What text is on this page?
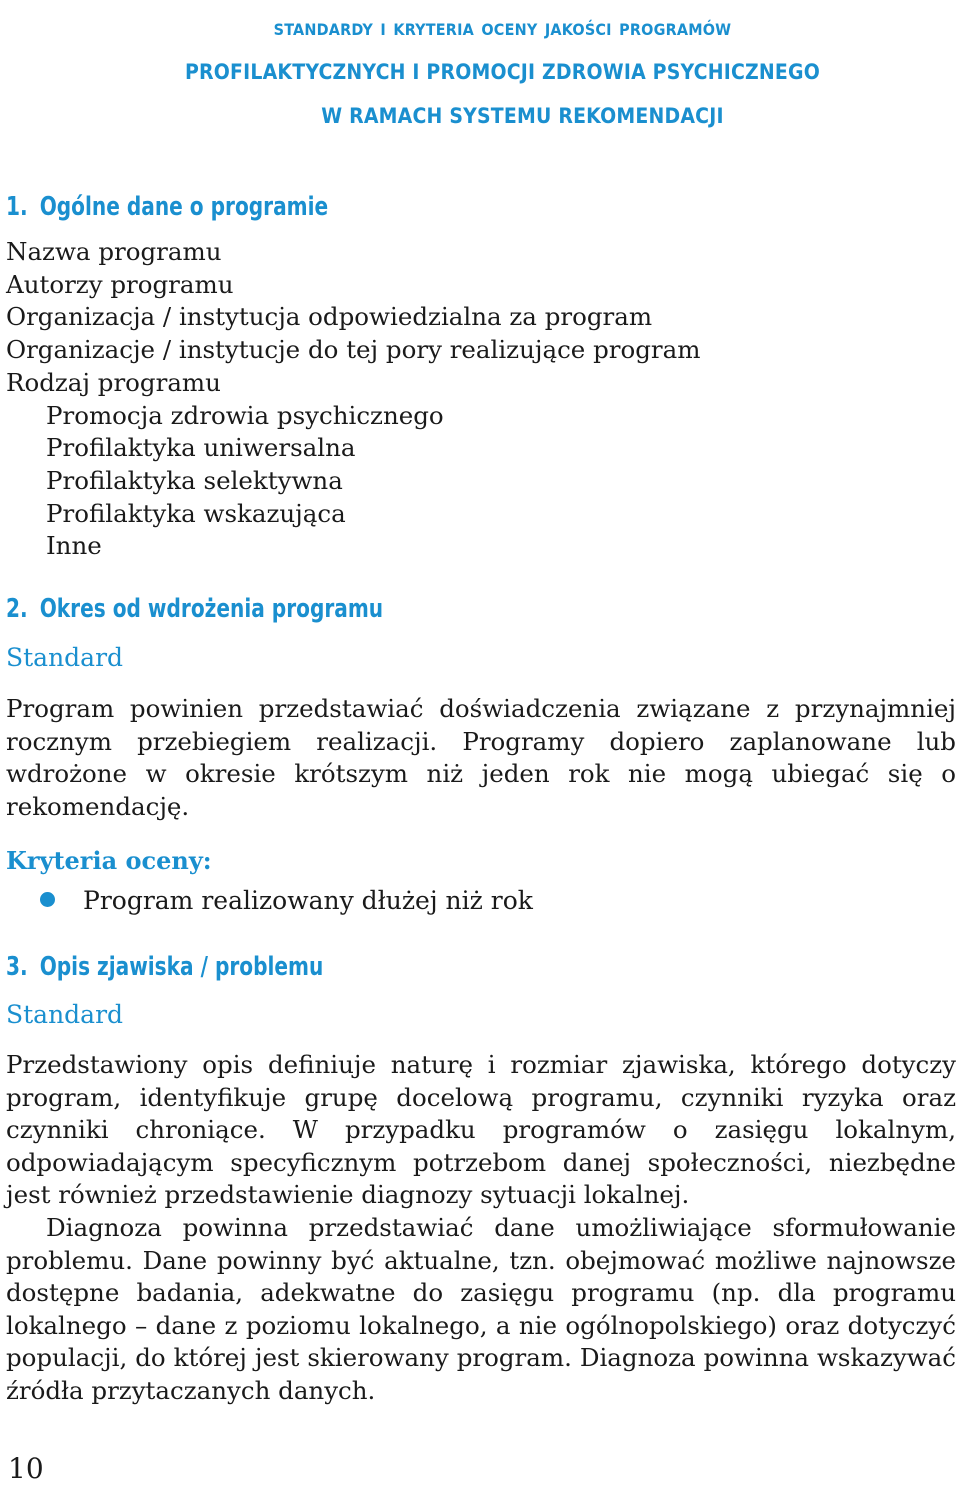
standardy i kryteria oceny jakości programów
PROFILAKTYCZNYCH I PROMOCJI ZDROWIA PSYCHICZNEGO
W RAMACH SYSTEMU REKOMENDACJI
1. Ogólne dane o programie
Nazwa programu
Autorzy programu
Organizacja / instytucja odpowiedzialna za program
Organizacje / instytucje do tej pory realizujące program
Rodzaj programu
Promocja zdrowia psychicznego
Profilaktyka uniwersalna
Profilaktyka selektywna
Profilaktyka wskazująca
Inne
2. Okres od wdrożenia programu
Standard

Program powinien przedstawiać doświadczenia związane z przynajmniej rocznym przebiegiem realizacji. Programy dopiero zaplanowane lub wdrożone w okresie krótszym niż jeden rok nie mogą ubiegać się o rekomendację.

Kryteria oceny:
Program realizowany dłużej niż rok
3. Opis zjawiska / problemu
Standard

Przedstawiony opis definiuje naturę i rozmiar zjawiska, którego dotyczy program, identyfikuje grupę docelową programu, czynniki ryzyka oraz czynniki chroniące. W przypadku programów o zasięgu lokalnym, odpowiadającym specyficznym potrzebom danej społeczności, niezbędne jest również przedstawienie diagnozy sytuacji lokalnej.

Diagnoza powinna przedstawiać dane umożliwiające sformułowanie problemu. Dane powinny być aktualne, tzn. obejmować możliwe najnowsze dostępne badania, adekwatne do zasięgu programu (np. dla programu lokalnego – dane z poziomu lokalnego, a nie ogólnopolskiego) oraz dotyczyć populacji, do której jest skierowany program. Diagnoza powinna wskazywać źródła przytaczanych danych.

10
